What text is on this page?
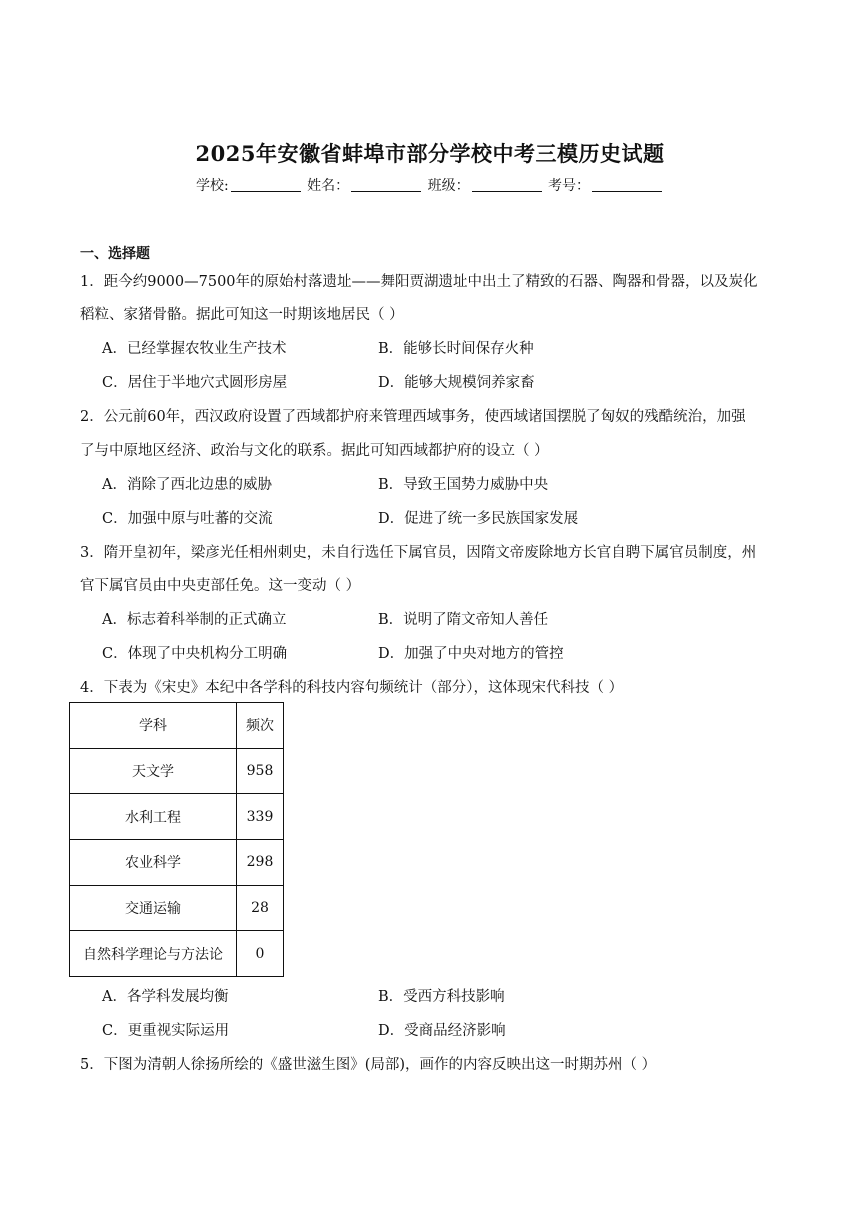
2025年安徽省蚌埠市部分学校中考三模历史试题
学校:	姓名：	班级：	考号：
一、选择题
1．距今约9000—7500年的原始村落遗址——舞阳贾湖遗址中出土了精致的石器、陶器和骨器，以及炭化
稻粒、家猪骨骼。据此可知这一时期该地居民（ ）
A．已经掌握农牧业生产技术	B．能够长时间保存火种
C．居住于半地穴式圆形房屋	D．能够大规模饲养家畜
2．公元前60年，西汉政府设置了西域都护府来管理西域事务，使西域诸国摆脱了匈奴的残酷统治，加强
了与中原地区经济、政治与文化的联系。据此可知西域都护府的设立（ ）
A．消除了西北边患的威胁	B．导致王国势力威胁中央
C．加强中原与吐蕃的交流	D．促进了统一多民族国家发展
3．隋开皇初年，梁彦光任相州刺史，未自行选任下属官员，因隋文帝废除地方长官自聘下属官员制度，州
官下属官员由中央吏部任免。这一变动（ ）
A．标志着科举制的正式确立	B．说明了隋文帝知人善任
C．体现了中央机构分工明确	D．加强了中央对地方的管控
4．下表为《宋史》本纪中各学科的科技内容句频统计（部分），这体现宋代科技（ ）
学科	频次
天文学	958
水利工程	339
农业科学	298
交通运输	28
自然科学理论与方法论	0
A．各学科发展均衡	B．受西方科技影响
C．更重视实际运用	D．受商品经济影响
5．下图为清朝人徐扬所绘的《盛世滋生图》(局部)，画作的内容反映出这一时期苏州（ ）
